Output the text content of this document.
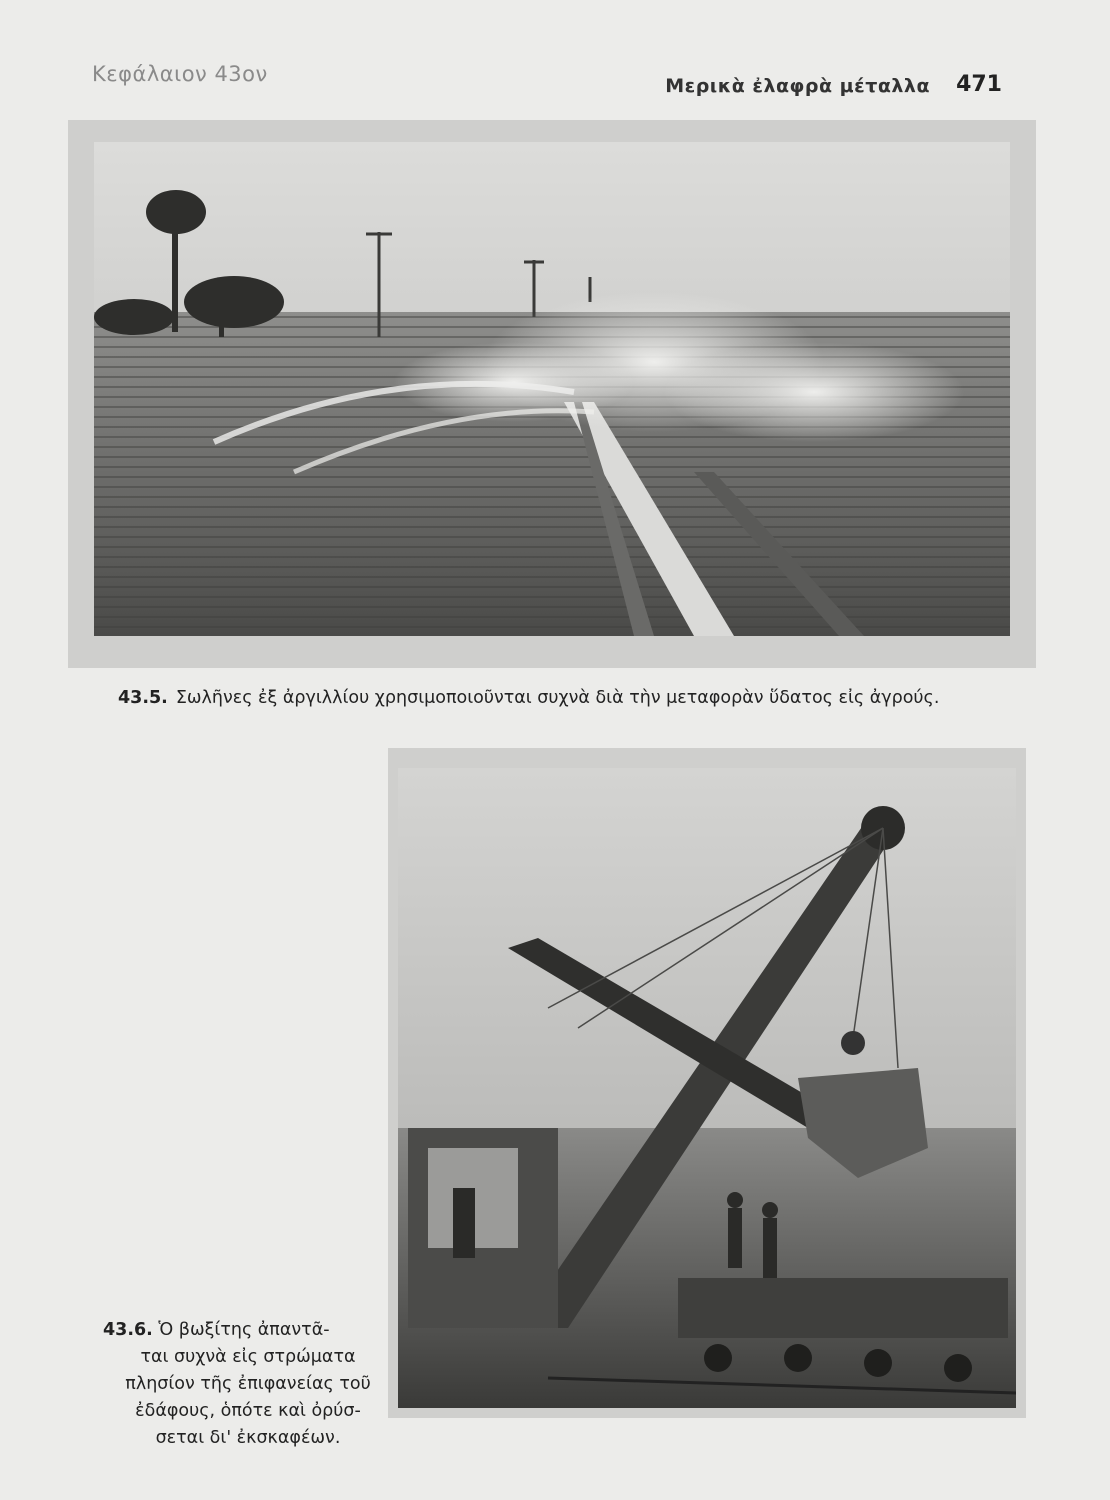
Κεφάλαιον 43ον	Μερικὰ ἐλαφρὰ μέταλλα 471
43.5. Σωλῆνες ἐξ ἀργιλλίου χρησιμοποιοῦνται συχνὰ διὰ τὴν μεταφορὰν ὕδατος εἰς ἀγρούς.
43.6. Ὁ βωξίτης ἀπαντᾶ-
ται συχνὰ εἰς στρώματα
πλησίον τῆς ἐπιφανείας τοῦ
ἐδάφους, ὁπότε καὶ ὀρύσ-
σεται δι' ἐκσκαφέων.
